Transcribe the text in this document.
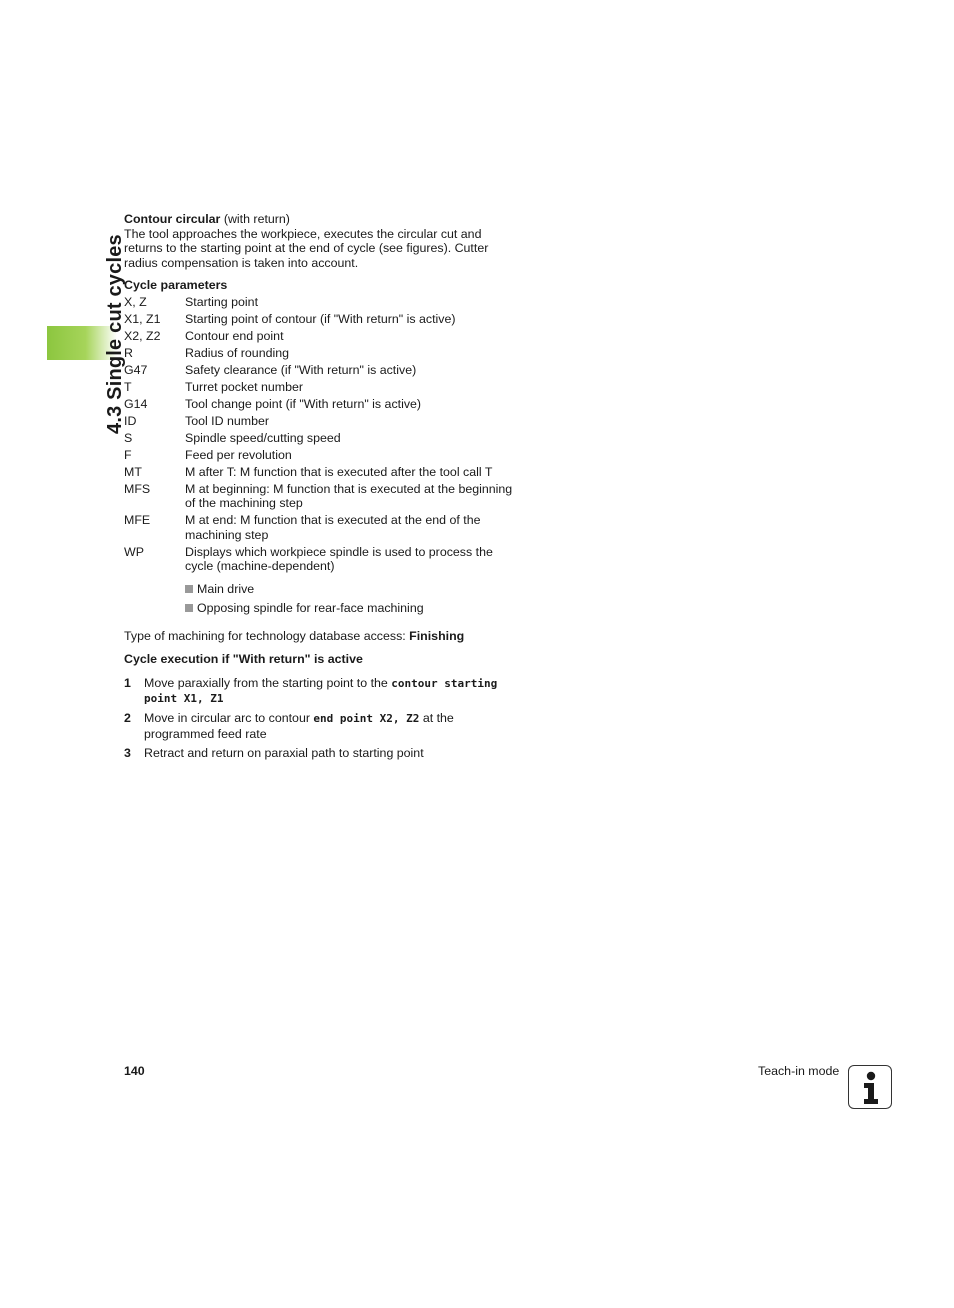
4.3 Single cut cycles

Contour circular (with return)

The tool approaches the workpiece, executes the circular cut and returns to the starting point at the end of cycle (see figures). Cutter radius compensation is taken into account.

Cycle parameters

X, Z	Starting point
X1, Z1	Starting point of contour (if "With return" is active)
X2, Z2	Contour end point
R	Radius of rounding
G47	Safety clearance (if "With return" is active)
T	Turret pocket number
G14	Tool change point (if "With return" is active)
ID	Tool ID number
S	Spindle speed/cutting speed
F	Feed per revolution
MT	M after T: M function that is executed after the tool call T
MFS	M at beginning: M function that is executed at the beginning of the machining step
MFE	M at end: M function that is executed at the end of the machining step
WP	Displays which workpiece spindle is used to process the cycle (machine-dependent)

Main drive
Opposing spindle for rear-face machining

Type of machining for technology database access: Finishing

Cycle execution if "With return" is active

1 Move paraxially from the starting point to the contour starting point X1, Z1
2 Move in circular arc to contour end point X2, Z2 at the programmed feed rate
3 Retract and return on paraxial path to starting point
140	Teach-in mode
